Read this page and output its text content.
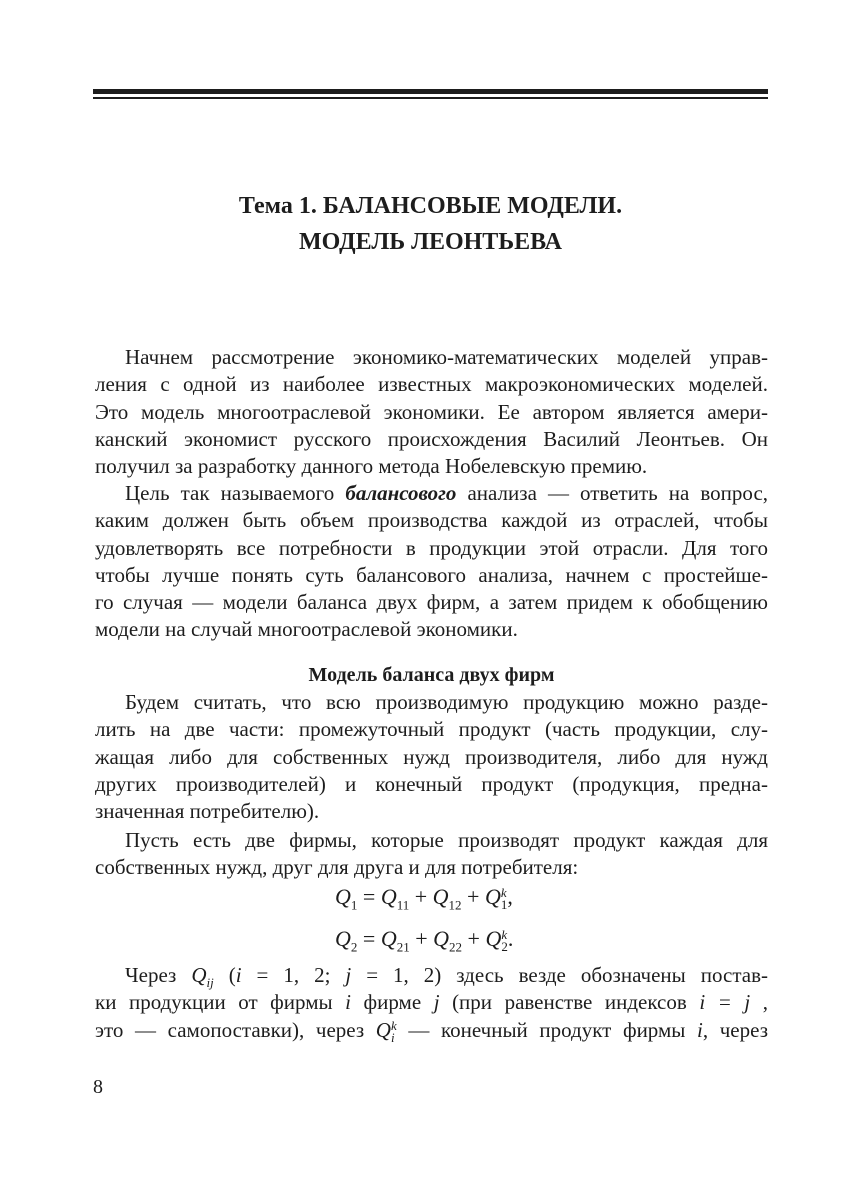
Тема 1. БАЛАНСОВЫЕ МОДЕЛИ.
МОДЕЛЬ ЛЕОНТЬЕВА
Начнем рассмотрение экономико-математических моделей управ-
ления с одной из наиболее известных макроэкономических моделей.
Это модель многоотраслевой экономики. Ее автором является амери-
канский экономист русского происхождения Василий Леонтьев. Он
получил за разработку данного метода Нобелевскую премию.
Цель так называемого балансового анализа — ответить на вопрос,
каким должен быть объем производства каждой из отраслей, чтобы
удовлетворять все потребности в продукции этой отрасли. Для того
чтобы лучше понять суть балансового анализа, начнем с простейше-
го случая — модели баланса двух фирм, а затем придем к обобщению
модели на случай многоотраслевой экономики.
Модель баланса двух фирм
Будем считать, что всю производимую продукцию можно разде-
лить на две части: промежуточный продукт (часть продукции, слу-
жащая либо для собственных нужд производителя, либо для нужд
других производителей) и конечный продукт (продукция, предна-
значенная потребителю).
Пусть есть две фирмы, которые производят продукт каждая для
собственных нужд, друг для друга и для потребителя:
$Q_1 = Q_{11} + Q_{12} + Q$ k
1 ,
$Q_2 = Q_{21} + Q_{22} + Q$ k
2 .
Через $Q_{ij}$ (i = 1, 2; j = 1, 2) здесь везде обозначены постав-
ки продукции от фирмы i фирме j (при равенстве индексов i = j ,
это — самопоставки), через Q k
i — конечный продукт фирмы i, через
8
